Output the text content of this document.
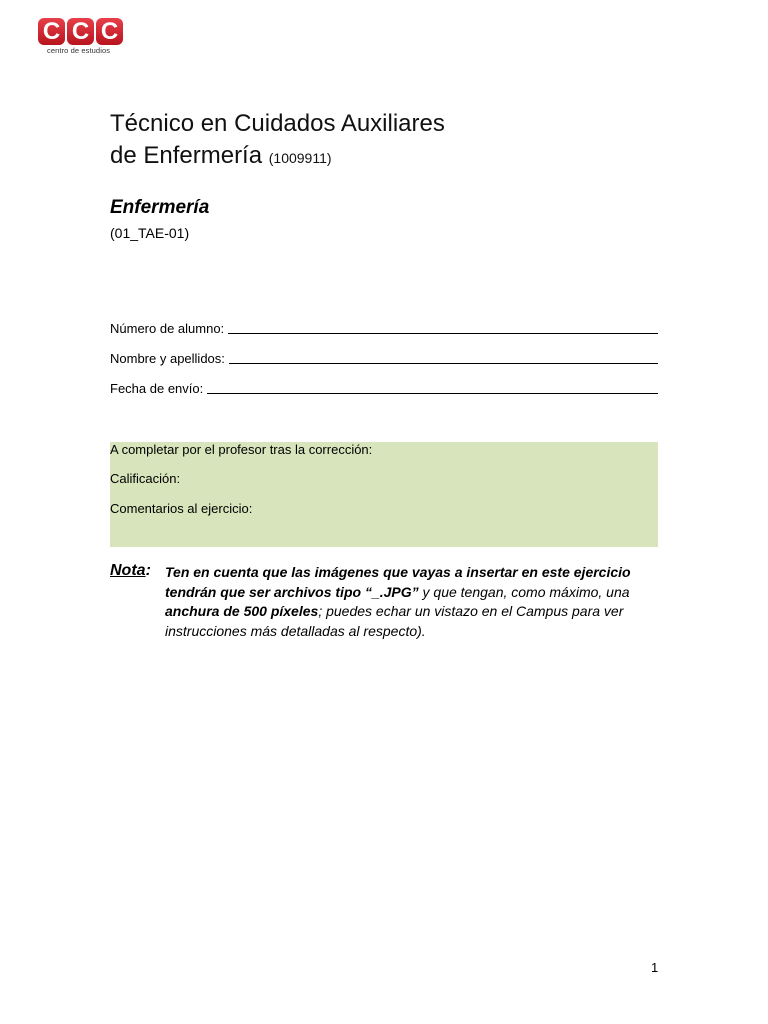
C C C
centro de estudios
Técnico en Cuidados Auxiliares
de Enfermería (1009911)
Enfermería
(01_TAE-01)
Número de alumno:
Nombre y apellidos:
Fecha de envío:
A completar por el profesor tras la corrección:
Calificación:
Comentarios al ejercicio:
Nota: Ten en cuenta que las imágenes que vayas a insertar en este ejercicio tendrán que ser archivos tipo “_.JPG” y que tengan, como máximo, una anchura de 500 píxeles; puedes echar un vistazo en el Campus para ver instrucciones más detalladas al respecto).
1
